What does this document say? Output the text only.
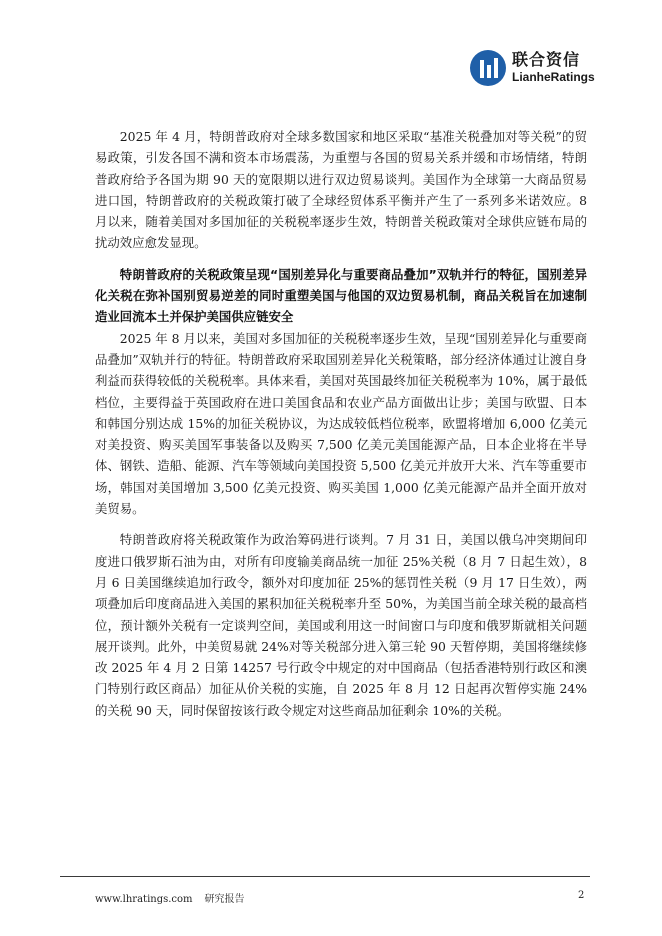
联合资信
LianheRatings

2025 年 4 月，特朗普政府对全球多数国家和地区采取“基准关税叠加对等关税”的贸易政策，引发各国不满和资本市场震荡，为重塑与各国的贸易关系并缓和市场情绪，特朗普政府给予各国为期 90 天的宽限期以进行双边贸易谈判。美国作为全球第一大商品贸易进口国，特朗普政府的关税政策打破了全球经贸体系平衡并产生了一系列多米诺效应。8 月以来，随着美国对多国加征的关税税率逐步生效，特朗普关税政策对全球供应链布局的扰动效应愈发显现。

特朗普政府的关税政策呈现“国别差异化与重要商品叠加”双轨并行的特征，国别差异化关税在弥补国别贸易逆差的同时重塑美国与他国的双边贸易机制，商品关税旨在加速制造业回流本土并保护美国供应链安全

2025 年 8 月以来，美国对多国加征的关税税率逐步生效，呈现“国别差异化与重要商品叠加”双轨并行的特征。特朗普政府采取国别差异化关税策略，部分经济体通过让渡自身利益而获得较低的关税税率。具体来看，美国对英国最终加征关税税率为 10%，属于最低档位，主要得益于英国政府在进口美国食品和农业产品方面做出让步；美国与欧盟、日本和韩国分别达成 15%的加征关税协议，为达成较低档位税率，欧盟将增加 6,000 亿美元对美投资、购买美国军事装备以及购买 7,500 亿美元美国能源产品，日本企业将在半导体、钢铁、造船、能源、汽车等领域向美国投资 5,500 亿美元并放开大米、汽车等重要市场，韩国对美国增加 3,500 亿美元投资、购买美国 1,000 亿美元能源产品并全面开放对美贸易。

特朗普政府将关税政策作为政治筹码进行谈判。7 月 31 日，美国以俄乌冲突期间印度进口俄罗斯石油为由，对所有印度输美商品统一加征 25%关税（8 月 7 日起生效），8 月 6 日美国继续追加行政令，额外对印度加征 25%的惩罚性关税（9 月 17 日生效），两项叠加后印度商品进入美国的累积加征关税税率升至 50%，为美国当前全球关税的最高档位，预计额外关税有一定谈判空间，美国或利用这一时间窗口与印度和俄罗斯就相关问题展开谈判。此外，中美贸易就 24%对等关税部分进入第三轮 90 天暂停期，美国将继续修改 2025 年 4 月 2 日第 14257 号行政令中规定的对中国商品（包括香港特别行政区和澳门特别行政区商品）加征从价关税的实施，自 2025 年 8 月 12 日起再次暂停实施 24%的关税 90 天，同时保留按该行政令规定对这些商品加征剩余 10%的关税。

www.lhratings.com 研究报告	2
